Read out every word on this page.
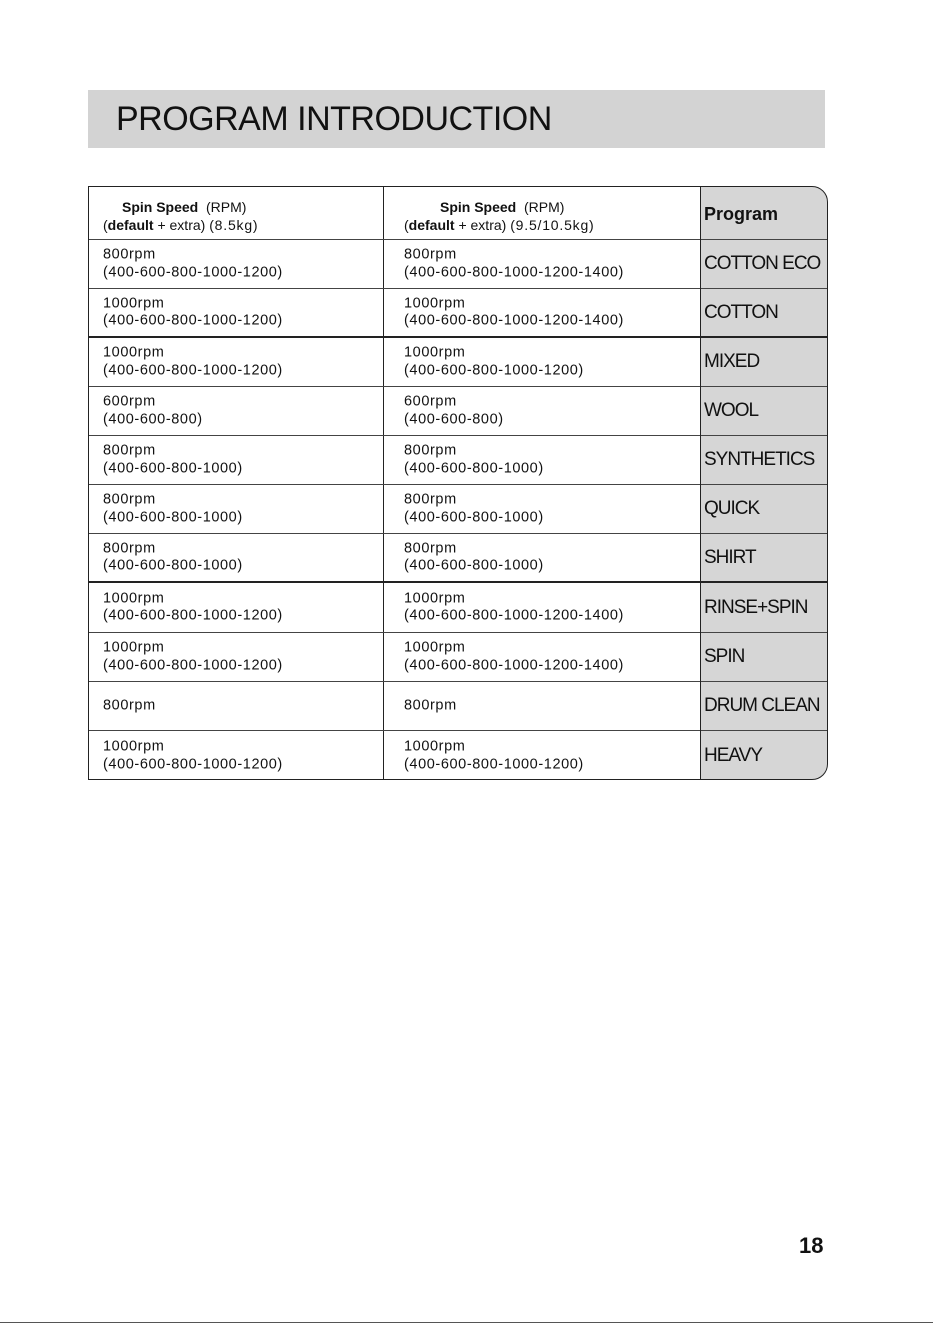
PROGRAM INTRODUCTION
Spin Speed (RPM)
(default + extra) (8.5kg)
Spin Speed (RPM)
(default + extra) (9.5/10.5kg)
800rpm
(400-600-800-1000-1200)
800rpm
(400-600-800-1000-1200-1400)
1000rpm
(400-600-800-1000-1200)
1000rpm
(400-600-800-1000-1200-1400)
1000rpm
(400-600-800-1000-1200)
1000rpm
(400-600-800-1000-1200)
600rpm
(400-600-800)
600rpm
(400-600-800)
800rpm
(400-600-800-1000)
800rpm
(400-600-800-1000)
800rpm
(400-600-800-1000)
800rpm
(400-600-800-1000)
800rpm
(400-600-800-1000)
800rpm
(400-600-800-1000)
1000rpm
(400-600-800-1000-1200)
1000rpm
(400-600-800-1000-1200-1400)
1000rpm
(400-600-800-1000-1200)
1000rpm
(400-600-800-1000-1200-1400)
800rpm	800rpm
1000rpm
(400-600-800-1000-1200)
1000rpm
(400-600-800-1000-1200)
Program
COTTON ECO
COTTON
MIXED
WOOL
SYNTHETICS
QUICK
SHIRT
RINSE+SPIN
SPIN
DRUM CLEAN
HEAVY
18
